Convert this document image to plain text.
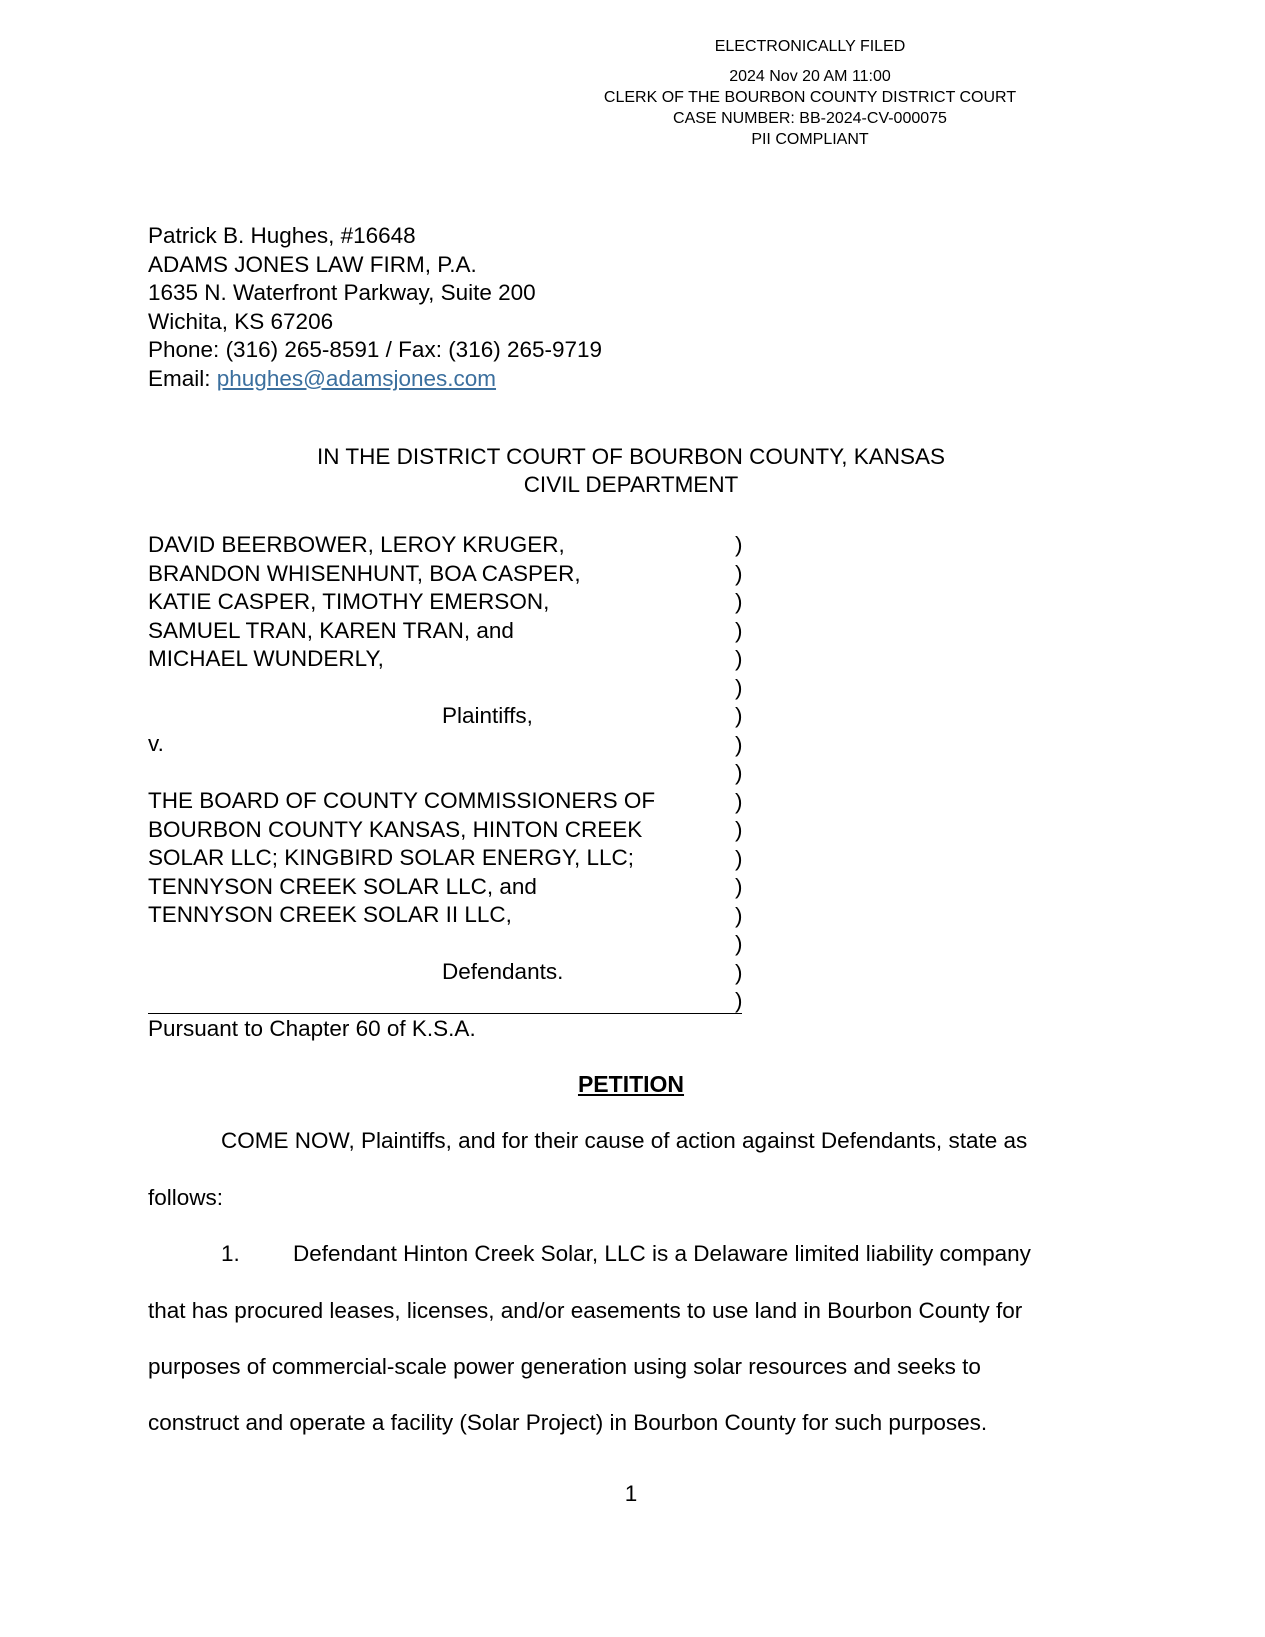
ELECTRONICALLY FILED
2024 Nov 20 AM 11:00
CLERK OF THE BOURBON COUNTY DISTRICT COURT
CASE NUMBER: BB-2024-CV-000075
PII COMPLIANT
Patrick B. Hughes, #16648
ADAMS JONES LAW FIRM, P.A.
1635 N. Waterfront Parkway, Suite 200
Wichita, KS 67206
Phone: (316) 265-8591 / Fax: (316) 265-9719
Email: phughes@adamsjones.com
IN THE DISTRICT COURT OF BOURBON COUNTY, KANSAS
CIVIL DEPARTMENT
DAVID BEERBOWER, LEROY KRUGER,
BRANDON WHISENHUNT, BOA CASPER,
KATIE CASPER, TIMOTHY EMERSON,
SAMUEL TRAN, KAREN TRAN, and
MICHAEL WUNDERLY,
Plaintiffs,
v.
THE BOARD OF COUNTY COMMISSIONERS OF
BOURBON COUNTY KANSAS, HINTON CREEK
SOLAR LLC; KINGBIRD SOLAR ENERGY, LLC;
TENNYSON CREEK SOLAR LLC, and
TENNYSON CREEK SOLAR II LLC,
Defendants.
)
)
)
)
)
)
)
)
)
)
)
)
)
)
)
)
)
Pursuant to Chapter 60 of K.S.A.
PETITION
COME NOW, Plaintiffs, and for their cause of action against Defendants, state as
follows:
1.	Defendant Hinton Creek Solar, LLC is a Delaware limited liability company
that has procured leases, licenses, and/or easements to use land in Bourbon County for
purposes of commercial-scale power generation using solar resources and seeks to
construct and operate a facility (Solar Project) in Bourbon County for such purposes.
1
